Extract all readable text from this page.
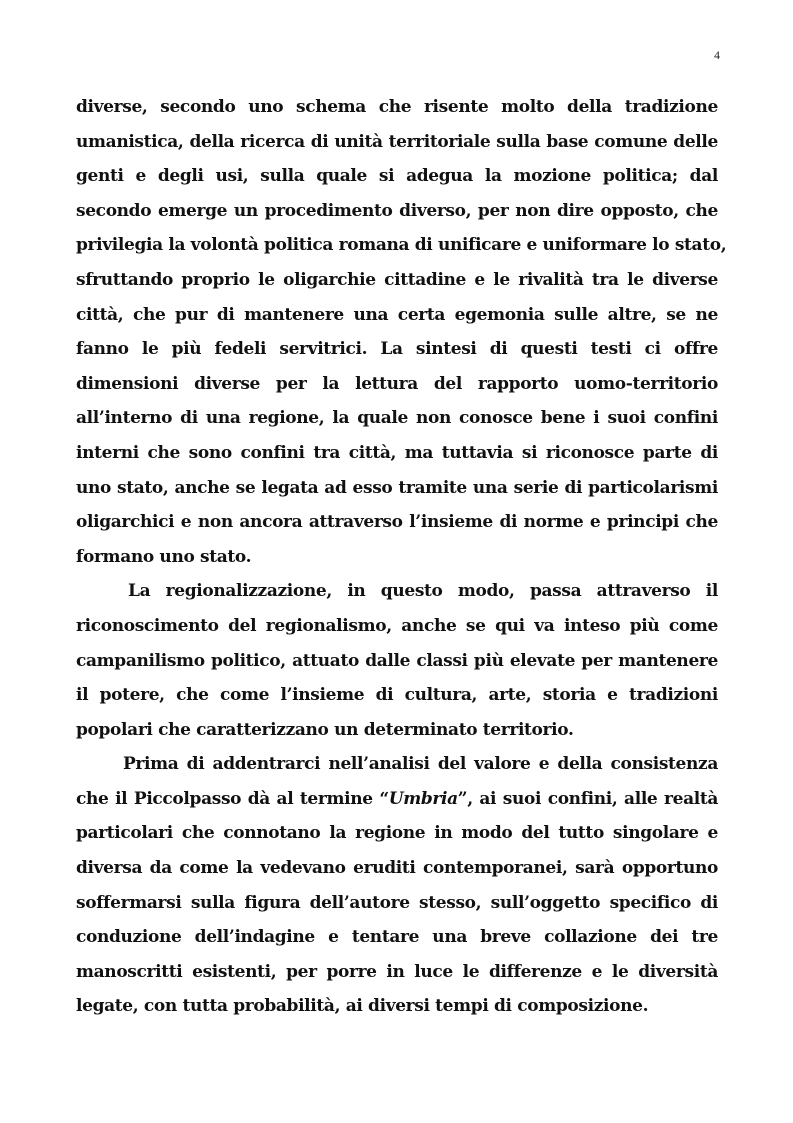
4
diverse, secondo uno schema che risente molto della tradizione
umanistica, della ricerca di unità territoriale sulla base comune delle
genti e degli usi, sulla quale si adegua la mozione politica; dal
secondo emerge un procedimento diverso, per non dire opposto, che
privilegia la volontà politica romana di unificare e uniformare lo stato,
sfruttando proprio le oligarchie cittadine e le rivalità tra le diverse
città, che pur di mantenere una certa egemonia sulle altre, se ne
fanno le più fedeli servitrici. La sintesi di questi testi ci offre
dimensioni diverse per la lettura del rapporto uomo-territorio
all’interno di una regione, la quale non conosce bene i suoi confini
interni che sono confini tra città, ma tuttavia si riconosce parte di
uno stato, anche se legata ad esso tramite una serie di particolarismi
oligarchici e non ancora attraverso l’insieme di norme e principi che
formano uno stato.
La regionalizzazione, in questo modo, passa attraverso il
riconoscimento del regionalismo, anche se qui va inteso più come
campanilismo politico, attuato dalle classi più elevate per mantenere
il potere, che come l’insieme di cultura, arte, storia e tradizioni
popolari che caratterizzano un determinato territorio.
Prima di addentrarci nell’analisi del valore e della consistenza
che il Piccolpasso dà al termine “Umbria”, ai suoi confini, alle realtà
particolari che connotano la regione in modo del tutto singolare e
diversa da come la vedevano eruditi contemporanei, sarà opportuno
soffermarsi sulla figura dell’autore stesso, sull’oggetto specifico di
conduzione dell’indagine e tentare una breve collazione dei tre
manoscritti esistenti, per porre in luce le differenze e le diversità
legate, con tutta probabilità, ai diversi tempi di composizione.
